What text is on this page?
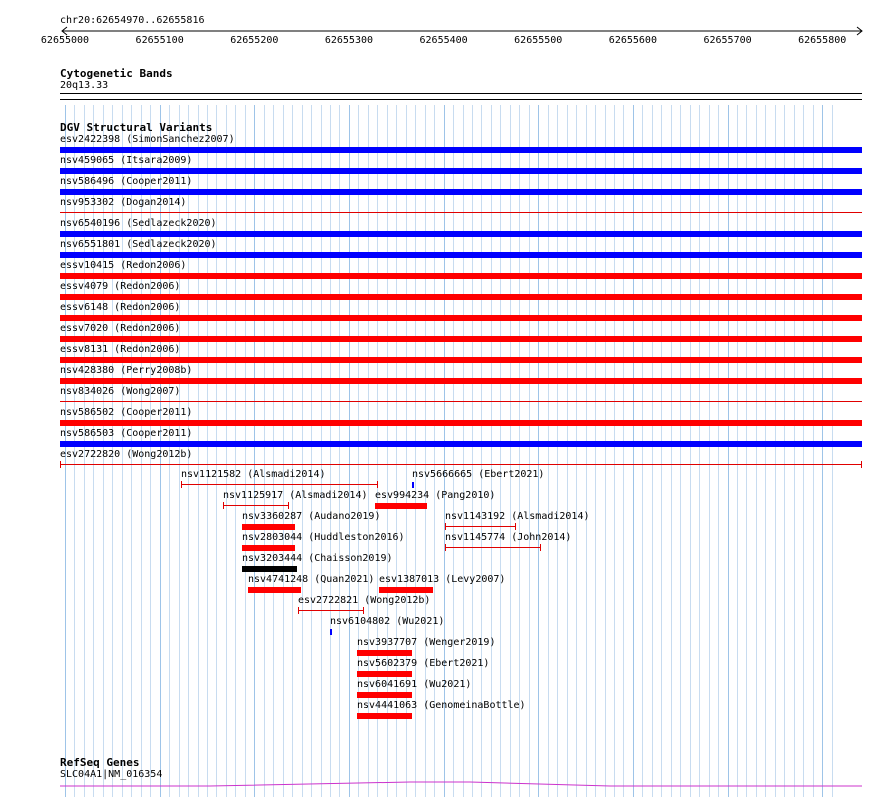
chr20:62654970..62655816
62655000	62655100	62655200	62655300	62655400	62655500	62655600	62655700	62655800
Cytogenetic Bands
20q13.33
DGV Structural Variants
esv2422398 (SimonSanchez2007)
nsv459065 (Itsara2009)
nsv586496 (Cooper2011)
nsv953302 (Dogan2014)
nsv6540196 (Sedlazeck2020)
nsv6551801 (Sedlazeck2020)
essv10415 (Redon2006)
essv4079 (Redon2006)
essv6148 (Redon2006)
essv7020 (Redon2006)
essv8131 (Redon2006)
nsv428380 (Perry2008b)
nsv834026 (Wong2007)
nsv586502 (Cooper2011)
nsv586503 (Cooper2011)
esv2722820 (Wong2012b)
nsv1121582 (Alsmadi2014)	nsv5666665 (Ebert2021)
nsv1125917 (Alsmadi2014) esv994234 (Pang2010)
nsv3360287 (Audano2019)	nsv1143192 (Alsmadi2014)
nsv2803044 (Huddleston2016)	nsv1145774 (John2014)
nsv3203444 (Chaisson2019)
nsv4741248 (Quan2021) esv1387013 (Levy2007)
esv2722821 (Wong2012b)
nsv6104802 (Wu2021)
nsv3937707 (Wenger2019)
nsv5602379 (Ebert2021)
nsv6041691 (Wu2021)
nsv4441063 (GenomeinaBottle)
RefSeq Genes
SLC04A1|NM_016354
